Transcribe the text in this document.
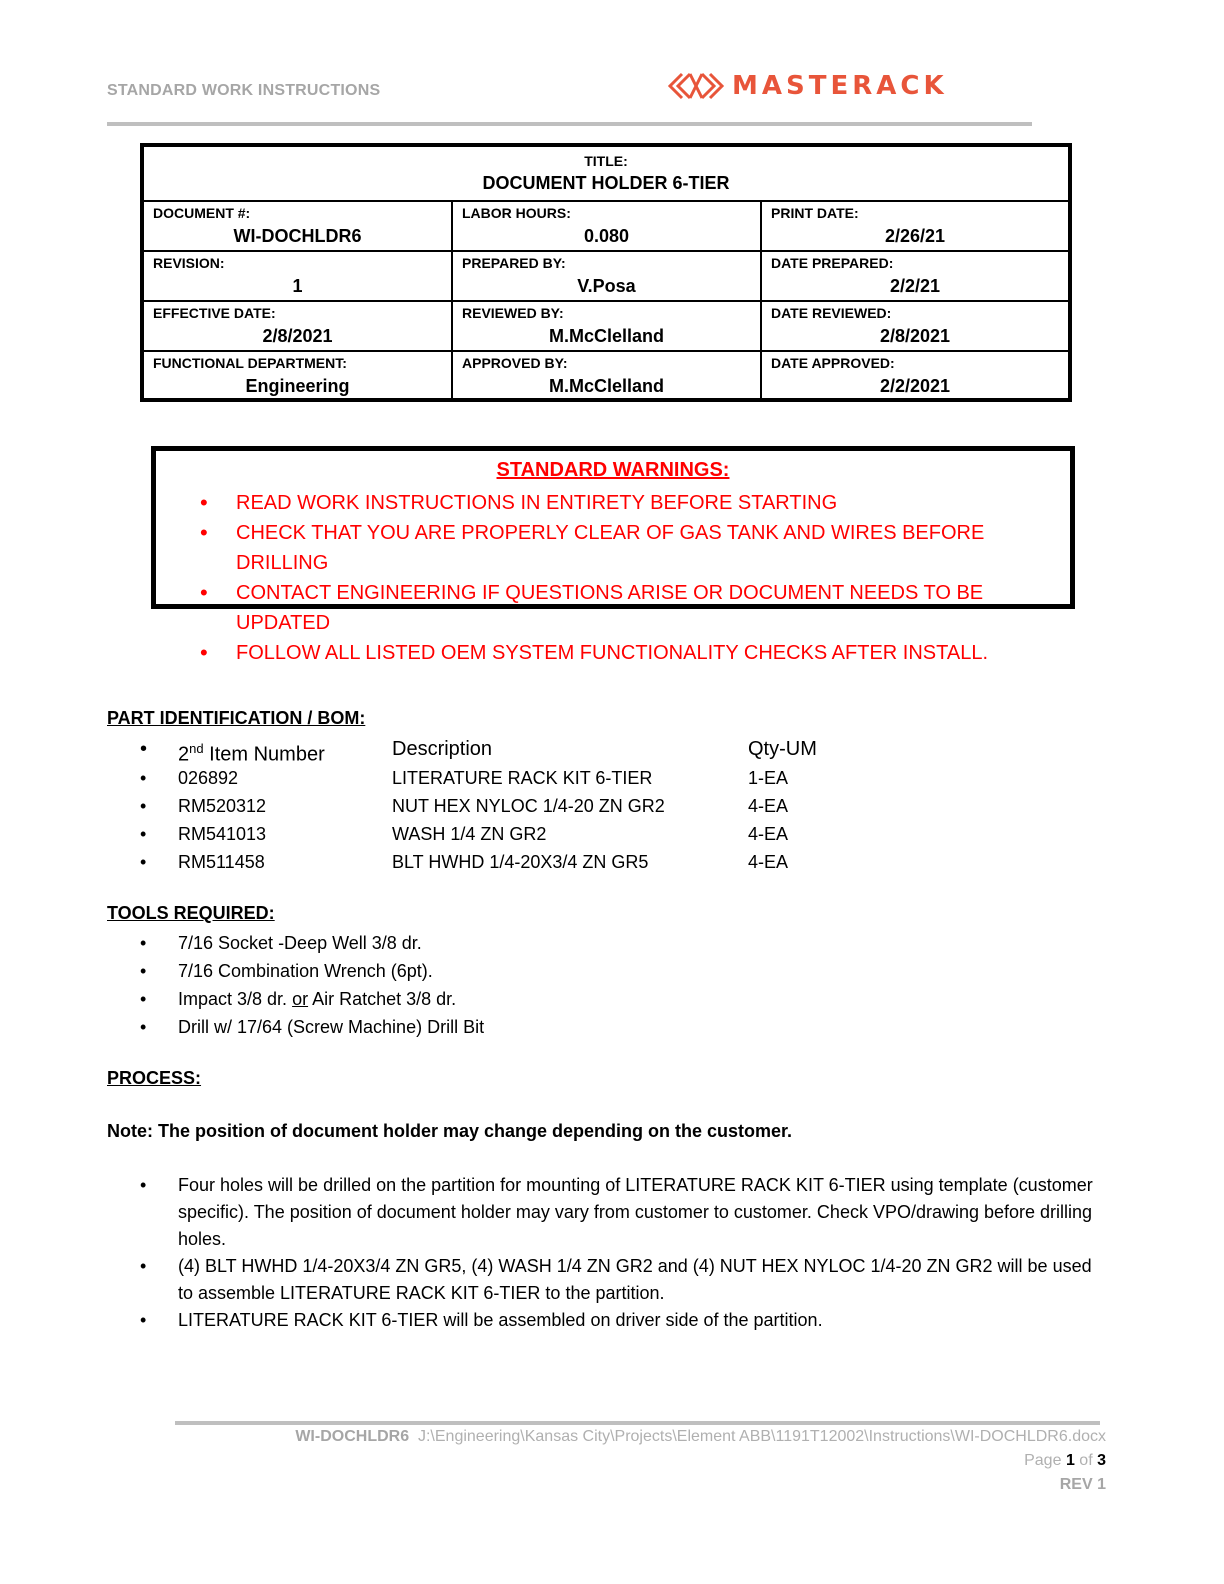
STANDARD WORK INSTRUCTIONS	MASTERACK
TITLE:
DOCUMENT HOLDER 6-TIER
DOCUMENT #:
WI-DOCHLDR6
LABOR HOURS:
0.080
PRINT DATE:
2/26/21
REVISION:
1
PREPARED BY:
V.Posa
DATE PREPARED:
2/2/21
EFFECTIVE DATE:
2/8/2021
REVIEWED BY:
M.McClelland
DATE REVIEWED:
2/8/2021
FUNCTIONAL DEPARTMENT:
Engineering
APPROVED BY:
M.McClelland
DATE APPROVED:
2/2/2021
STANDARD WARNINGS:
• READ WORK INSTRUCTIONS IN ENTIRETY BEFORE STARTING
• CHECK THAT YOU ARE PROPERLY CLEAR OF GAS TANK AND WIRES BEFORE DRILLING
• CONTACT ENGINEERING IF QUESTIONS ARISE OR DOCUMENT NEEDS TO BE UPDATED
• FOLLOW ALL LISTED OEM SYSTEM FUNCTIONALITY CHECKS AFTER INSTALL.
PART IDENTIFICATION / BOM:
•	2nd Item Number	Description	Qty-UM
•	026892	LITERATURE RACK KIT 6-TIER	1-EA
•	RM520312	NUT HEX NYLOC 1/4-20 ZN GR2	4-EA
•	RM541013	WASH 1/4 ZN GR2	4-EA
•	RM511458	BLT HWHD 1/4-20X3/4 ZN GR5	4-EA
TOOLS REQUIRED:
•	7/16 Socket -Deep Well 3/8 dr.
•	7/16 Combination Wrench (6pt).
•	Impact 3/8 dr. or Air Ratchet 3/8 dr.
•	Drill w/ 17/64 (Screw Machine) Drill Bit
PROCESS:
Note: The position of document holder may change depending on the customer.
• Four holes will be drilled on the partition for mounting of LITERATURE RACK KIT 6-TIER using template (customer specific). The position of document holder may vary from customer to customer. Check VPO/drawing before drilling holes.
• (4) BLT HWHD 1/4-20X3/4 ZN GR5, (4) WASH 1/4 ZN GR2 and (4) NUT HEX NYLOC 1/4-20 ZN GR2 will be used to assemble LITERATURE RACK KIT 6-TIER to the partition.
• LITERATURE RACK KIT 6-TIER will be assembled on driver side of the partition.
WI-DOCHLDR6 J:\Engineering\Kansas City\Projects\Element ABB\1191T12002\Instructions\WI-DOCHLDR6.docx
Page 1 of 3
REV 1
